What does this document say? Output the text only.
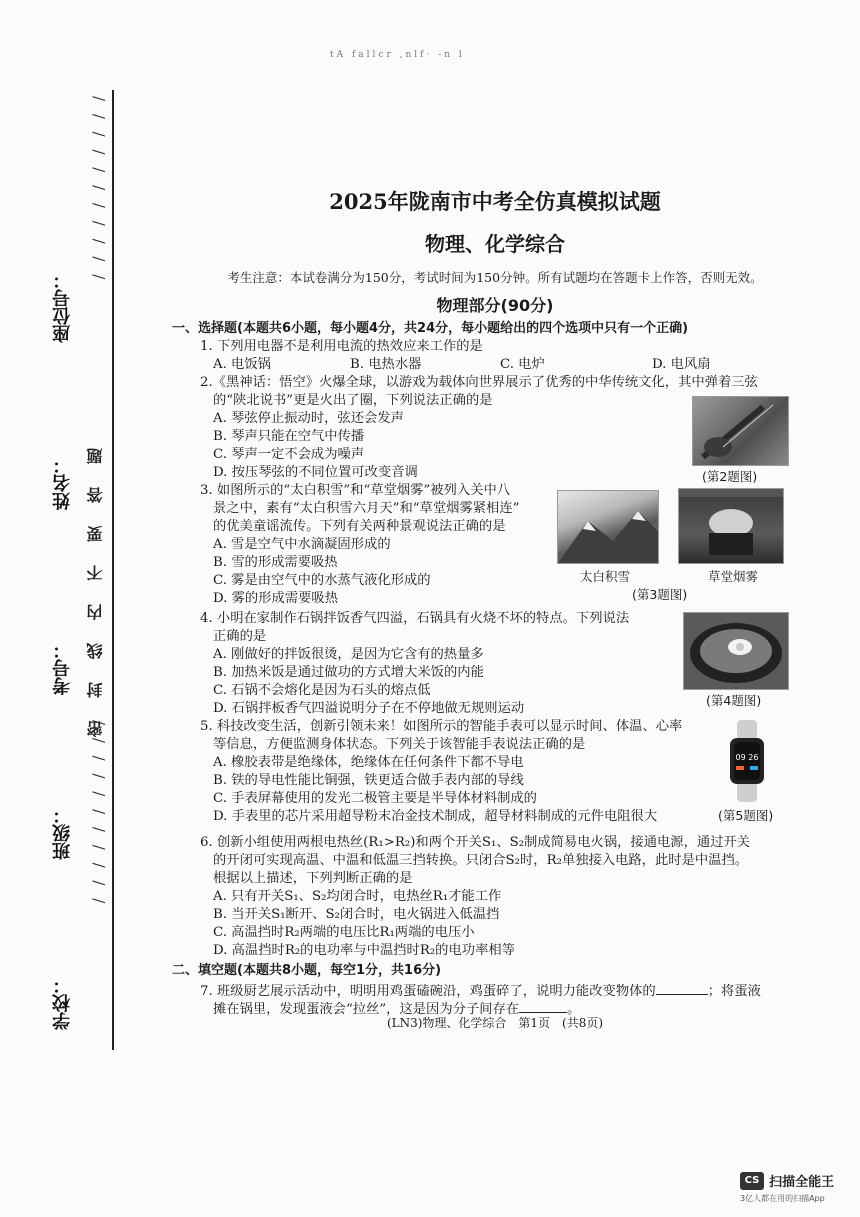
tA fallcr ,nlf· -n l
/ / / / / / / / / / /
/ / / / / / / / / / /
密封线内不要答题
座位号：
姓名：
考号：
班级：
学校：
2025年陇南市中考全仿真模拟试题
物理、化学综合
考生注意：本试卷满分为150分，考试时间为150分钟。所有试题均在答题卡上作答，否则无效。
物理部分(90分)
一、选择题(本题共6小题，每小题4分，共24分，每小题给出的四个选项中只有一个正确)
1. 下列用电器不是利用电流的热效应来工作的是
A. 电饭锅	B. 电热水器	C. 电炉	D. 电风扇
2.《黑神话：悟空》火爆全球，以游戏为载体向世界展示了优秀的中华传统文化，其中弹着三弦
的“陕北说书”更是火出了圈，下列说法正确的是
A. 琴弦停止振动时，弦还会发声
B. 琴声只能在空气中传播
C. 琴声一定不会成为噪声
D. 按压琴弦的不同位置可改变音调	(第2题图)
3. 如图所示的“太白积雪”和“草堂烟雾”被列入关中八
景之中，素有“太白积雪六月天”和“草堂烟雾紧相连”
的优美童谣流传。下列有关两种景观说法正确的是
A. 雪是空气中水滴凝固形成的
B. 雪的形成需要吸热
C. 雾是由空气中的水蒸气液化形成的
D. 雾的形成需要吸热
太白积雪	草堂烟雾
(第3题图)
4. 小明在家制作石锅拌饭香气四溢，石锅具有火烧不坏的特点。下列说法
正确的是
A. 刚做好的拌饭很烫，是因为它含有的热量多
B. 加热米饭是通过做功的方式增大米饭的内能
C. 石锅不会熔化是因为石头的熔点低
D. 石锅拌板香气四溢说明分子在不停地做无规则运动
(第4题图)
5. 科技改变生活，创新引领未来！如图所示的智能手表可以显示时间、体温、心率
等信息，方便监测身体状态。下列关于该智能手表说法正确的是
A. 橡胶表带是绝缘体，绝缘体在任何条件下都不导电
B. 铁的导电性能比铜强，铁更适合做手表内部的导线
C. 手表屏幕使用的发光二极管主要是半导体材料制成的
D. 手表里的芯片采用超导粉末冶金技术制成，超导材料制成的元件电阻很大
09 26
(第5题图)
6. 创新小组使用两根电热丝(R₁>R₂)和两个开关S₁、S₂制成简易电火锅，接通电源，通过开关
的开闭可实现高温、中温和低温三挡转换。只闭合S₂时，R₂单独接入电路，此时是中温挡。
根据以上描述，下列判断正确的是
A. 只有开关S₁、S₂均闭合时，电热丝R₁才能工作
B. 当开关S₁断开、S₂闭合时，电火锅进入低温挡
C. 高温挡时R₂两端的电压比R₁两端的电压小
D. 高温挡时R₂的电功率与中温挡时R₂的电功率相等
二、填空题(本题共8小题，每空1分，共16分)
7. 班级厨艺展示活动中，明明用鸡蛋磕碗沿，鸡蛋碎了，说明力能改变物体的	；将蛋液
摊在锅里，发现蛋液会“拉丝”，这是因为分子间存在	。
(LN3)物理、化学综合　第1页　(共8页)
CS 扫描全能王
3亿人都在用的扫描App
